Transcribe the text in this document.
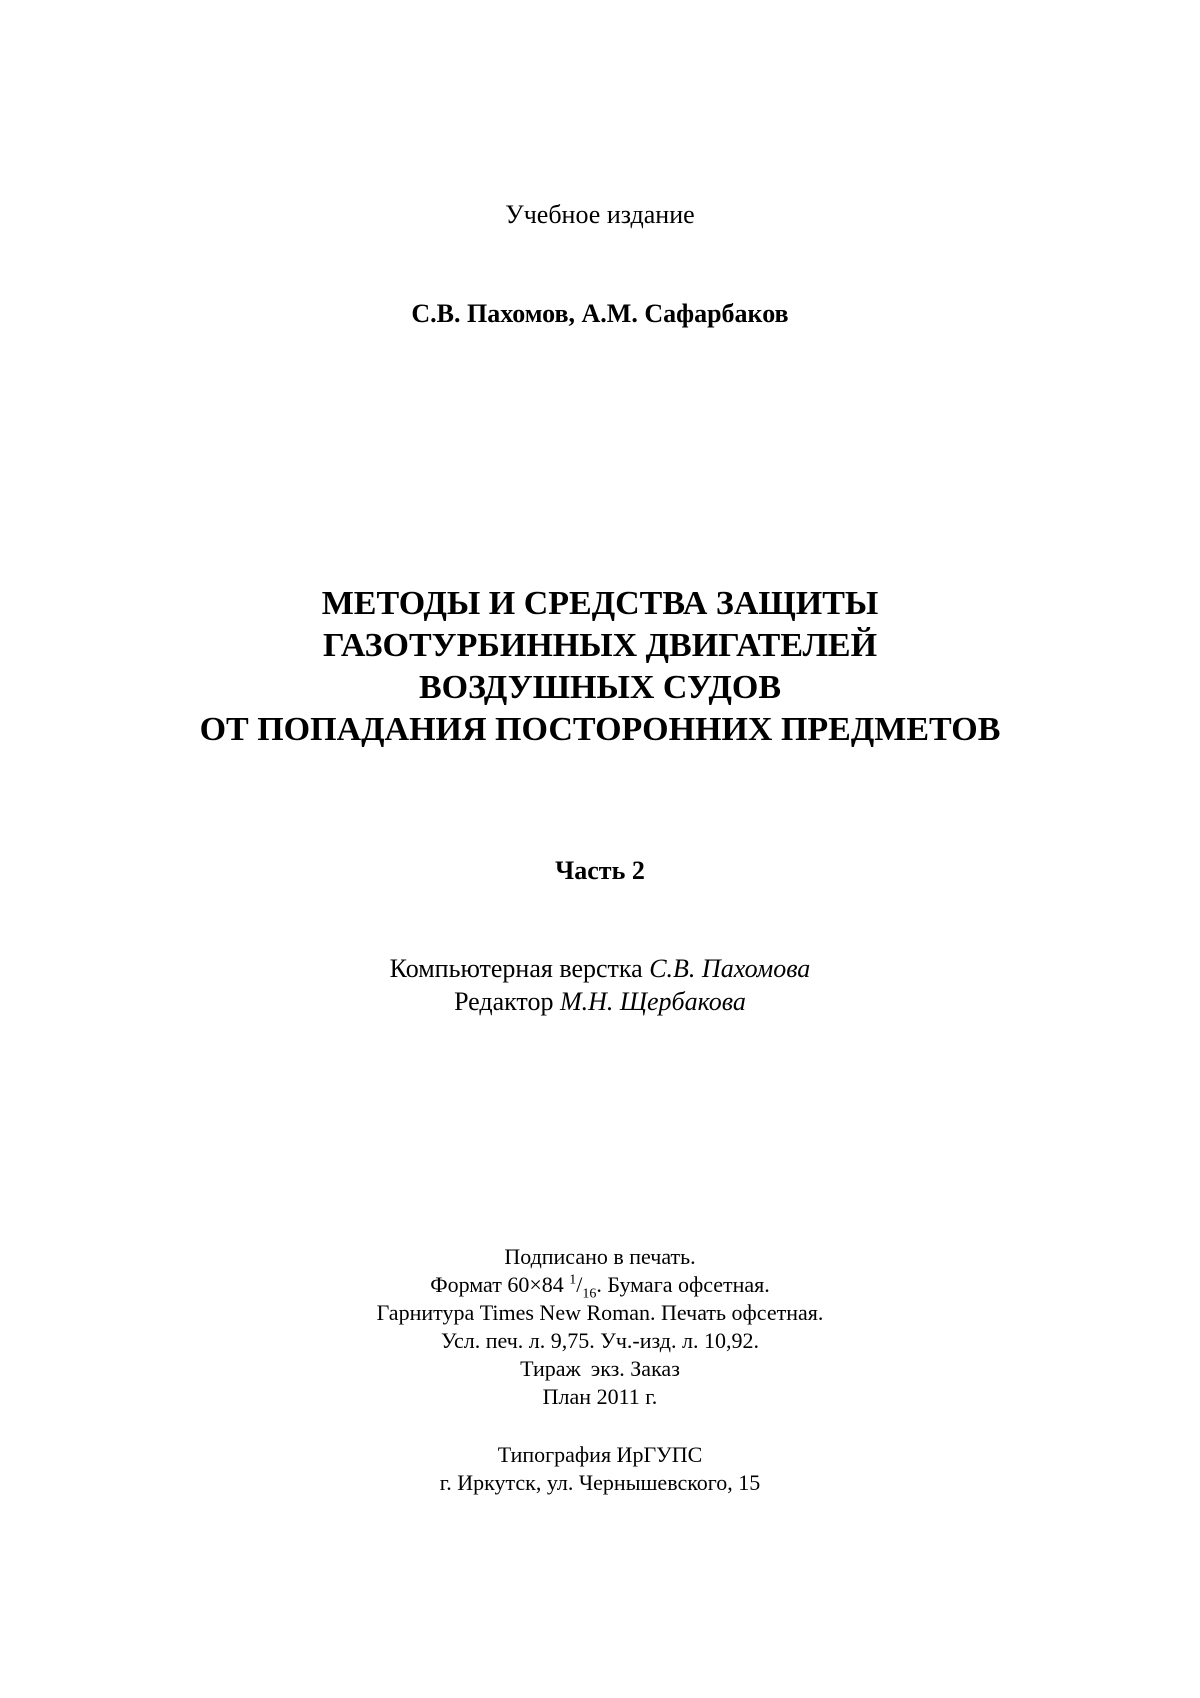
Учебное издание
С.В. Пахомов, А.М. Сафарбаков
МЕТОДЫ И СРЕДСТВА ЗАЩИТЫ
ГАЗОТУРБИННЫХ ДВИГАТЕЛЕЙ
ВОЗДУШНЫХ СУДОВ
ОТ ПОПАДАНИЯ ПОСТОРОННИХ ПРЕДМЕТОВ
Часть 2
Компьютерная верстка С.В. Пахомова
Редактор М.Н. Щербакова
Подписано в печать.
Формат 60×84 $^1/_{16}$. Бумага офсетная.
Гарнитура Times New Roman. Печать офсетная.
Усл. печ. л. 9,75. Уч.-изд. л. 10,92.
Тираж экз. Заказ
План 2011 г.
Типография ИрГУПС
г. Иркутск, ул. Чернышевского, 15
